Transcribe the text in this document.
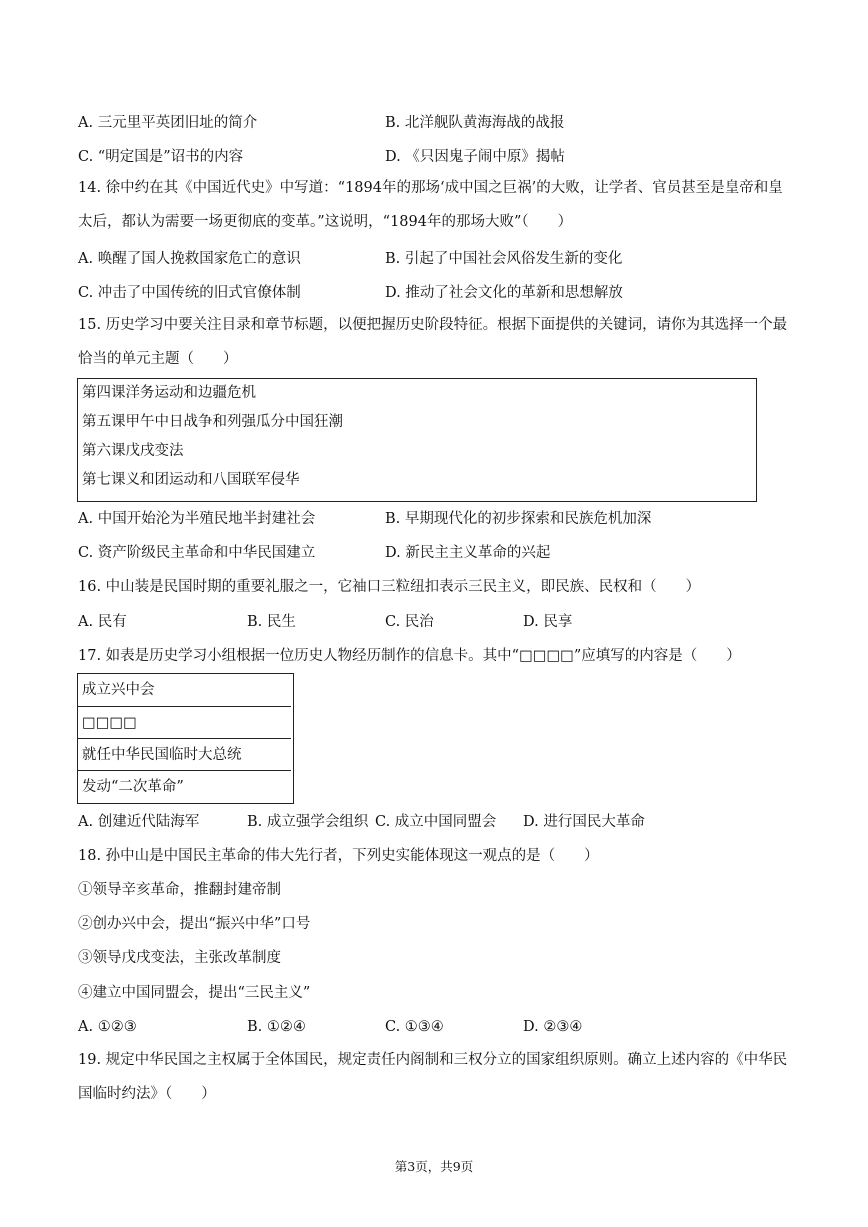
A. 三元里平英团旧址的简介	B. 北洋舰队黄海海战的战报
C. “明定国是”诏书的内容	D. 《只因鬼子闹中原》揭帖
14. 徐中约在其《中国近代史》中写道：“1894年的那场‘成中国之巨祸’的大败，让学者、官员甚至是皇帝和皇太后，都认为需要一场更彻底的变革。”这说明，“1894年的那场大败”（　　）
A. 唤醒了国人挽救国家危亡的意识	B. 引起了中国社会风俗发生新的变化
C. 冲击了中国传统的旧式官僚体制	D. 推动了社会文化的革新和思想解放
15. 历史学习中要关注目录和章节标题，以便把握历史阶段特征。根据下面提供的关键词，请你为其选择一个最恰当的单元主题（　　）
第四课洋务运动和边疆危机
第五课甲午中日战争和列强瓜分中国狂潮
第六课戊戌变法
第七课义和团运动和八国联军侵华
A. 中国开始沦为半殖民地半封建社会	B. 早期现代化的初步探索和民族危机加深
C. 资产阶级民主革命和中华民国建立	D. 新民主主义革命的兴起
16. 中山装是民国时期的重要礼服之一，它袖口三粒纽扣表示三民主义，即民族、民权和（　　）
A. 民有	B. 民生	C. 民治	D. 民享
17. 如表是历史学习小组根据一位历史人物经历制作的信息卡。其中“□□□□”应填写的内容是（　　）
成立兴中会
□□□□
就任中华民国临时大总统
发动“二次革命”
A. 创建近代陆海军	B. 成立强学会组织 C. 成立中国同盟会 D. 进行国民大革命
18. 孙中山是中国民主革命的伟大先行者，下列史实能体现这一观点的是（　　）
①领导辛亥革命，推翻封建帝制
②创办兴中会，提出“振兴中华”口号
③领导戊戌变法，主张改革制度
④建立中国同盟会，提出“三民主义”
A. ①②③	B. ①②④	C. ①③④	D. ②③④
19. 规定中华民国之主权属于全体国民，规定责任内阁制和三权分立的国家组织原则。确立上述内容的《中华民国临时约法》（　　）
第3页，共9页
